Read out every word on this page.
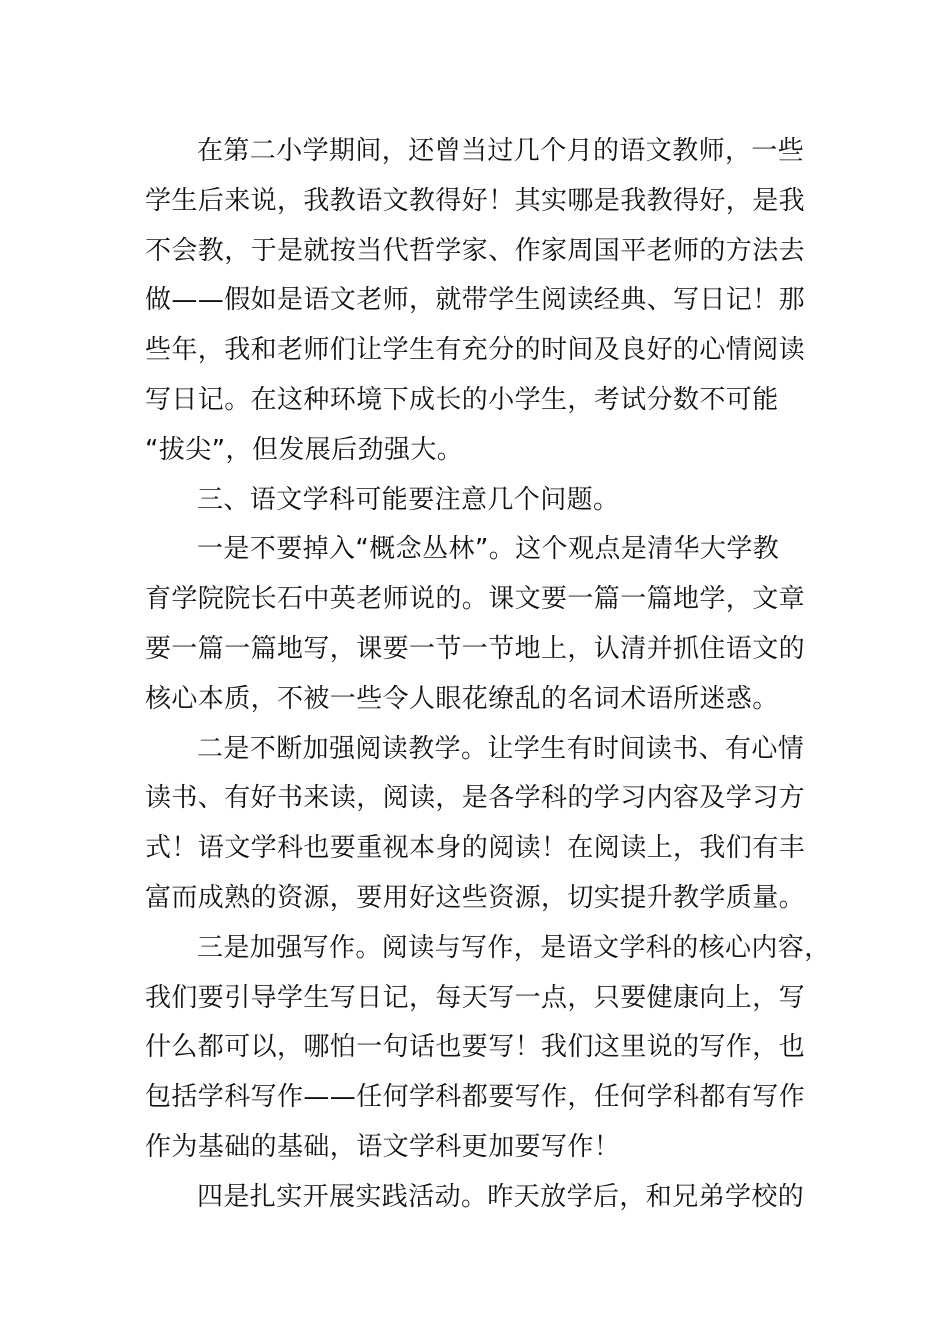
在第二小学期间，还曾当过几个月的语文教师，一些
学生后来说，我教语文教得好！其实哪是我教得好，是我
不会教，于是就按当代哲学家、作家周国平老师的方法去
做——假如是语文老师，就带学生阅读经典、写日记！那
些年，我和老师们让学生有充分的时间及良好的心情阅读
写日记。在这种环境下成长的小学生，考试分数不可能
“拔尖”，但发展后劲强大。
三、语文学科可能要注意几个问题。
一是不要掉入“概念丛林”。这个观点是清华大学教
育学院院长石中英老师说的。课文要一篇一篇地学，文章
要一篇一篇地写，课要一节一节地上，认清并抓住语文的
核心本质，不被一些令人眼花缭乱的名词术语所迷惑。
二是不断加强阅读教学。让学生有时间读书、有心情
读书、有好书来读，阅读，是各学科的学习内容及学习方
式！语文学科也要重视本身的阅读！在阅读上，我们有丰
富而成熟的资源，要用好这些资源，切实提升教学质量。
三是加强写作。阅读与写作，是语文学科的核心内容，
我们要引导学生写日记，每天写一点，只要健康向上，写
什么都可以，哪怕一句话也要写！我们这里说的写作，也
包括学科写作——任何学科都要写作，任何学科都有写作
作为基础的基础，语文学科更加要写作！
四是扎实开展实践活动。昨天放学后，和兄弟学校的
